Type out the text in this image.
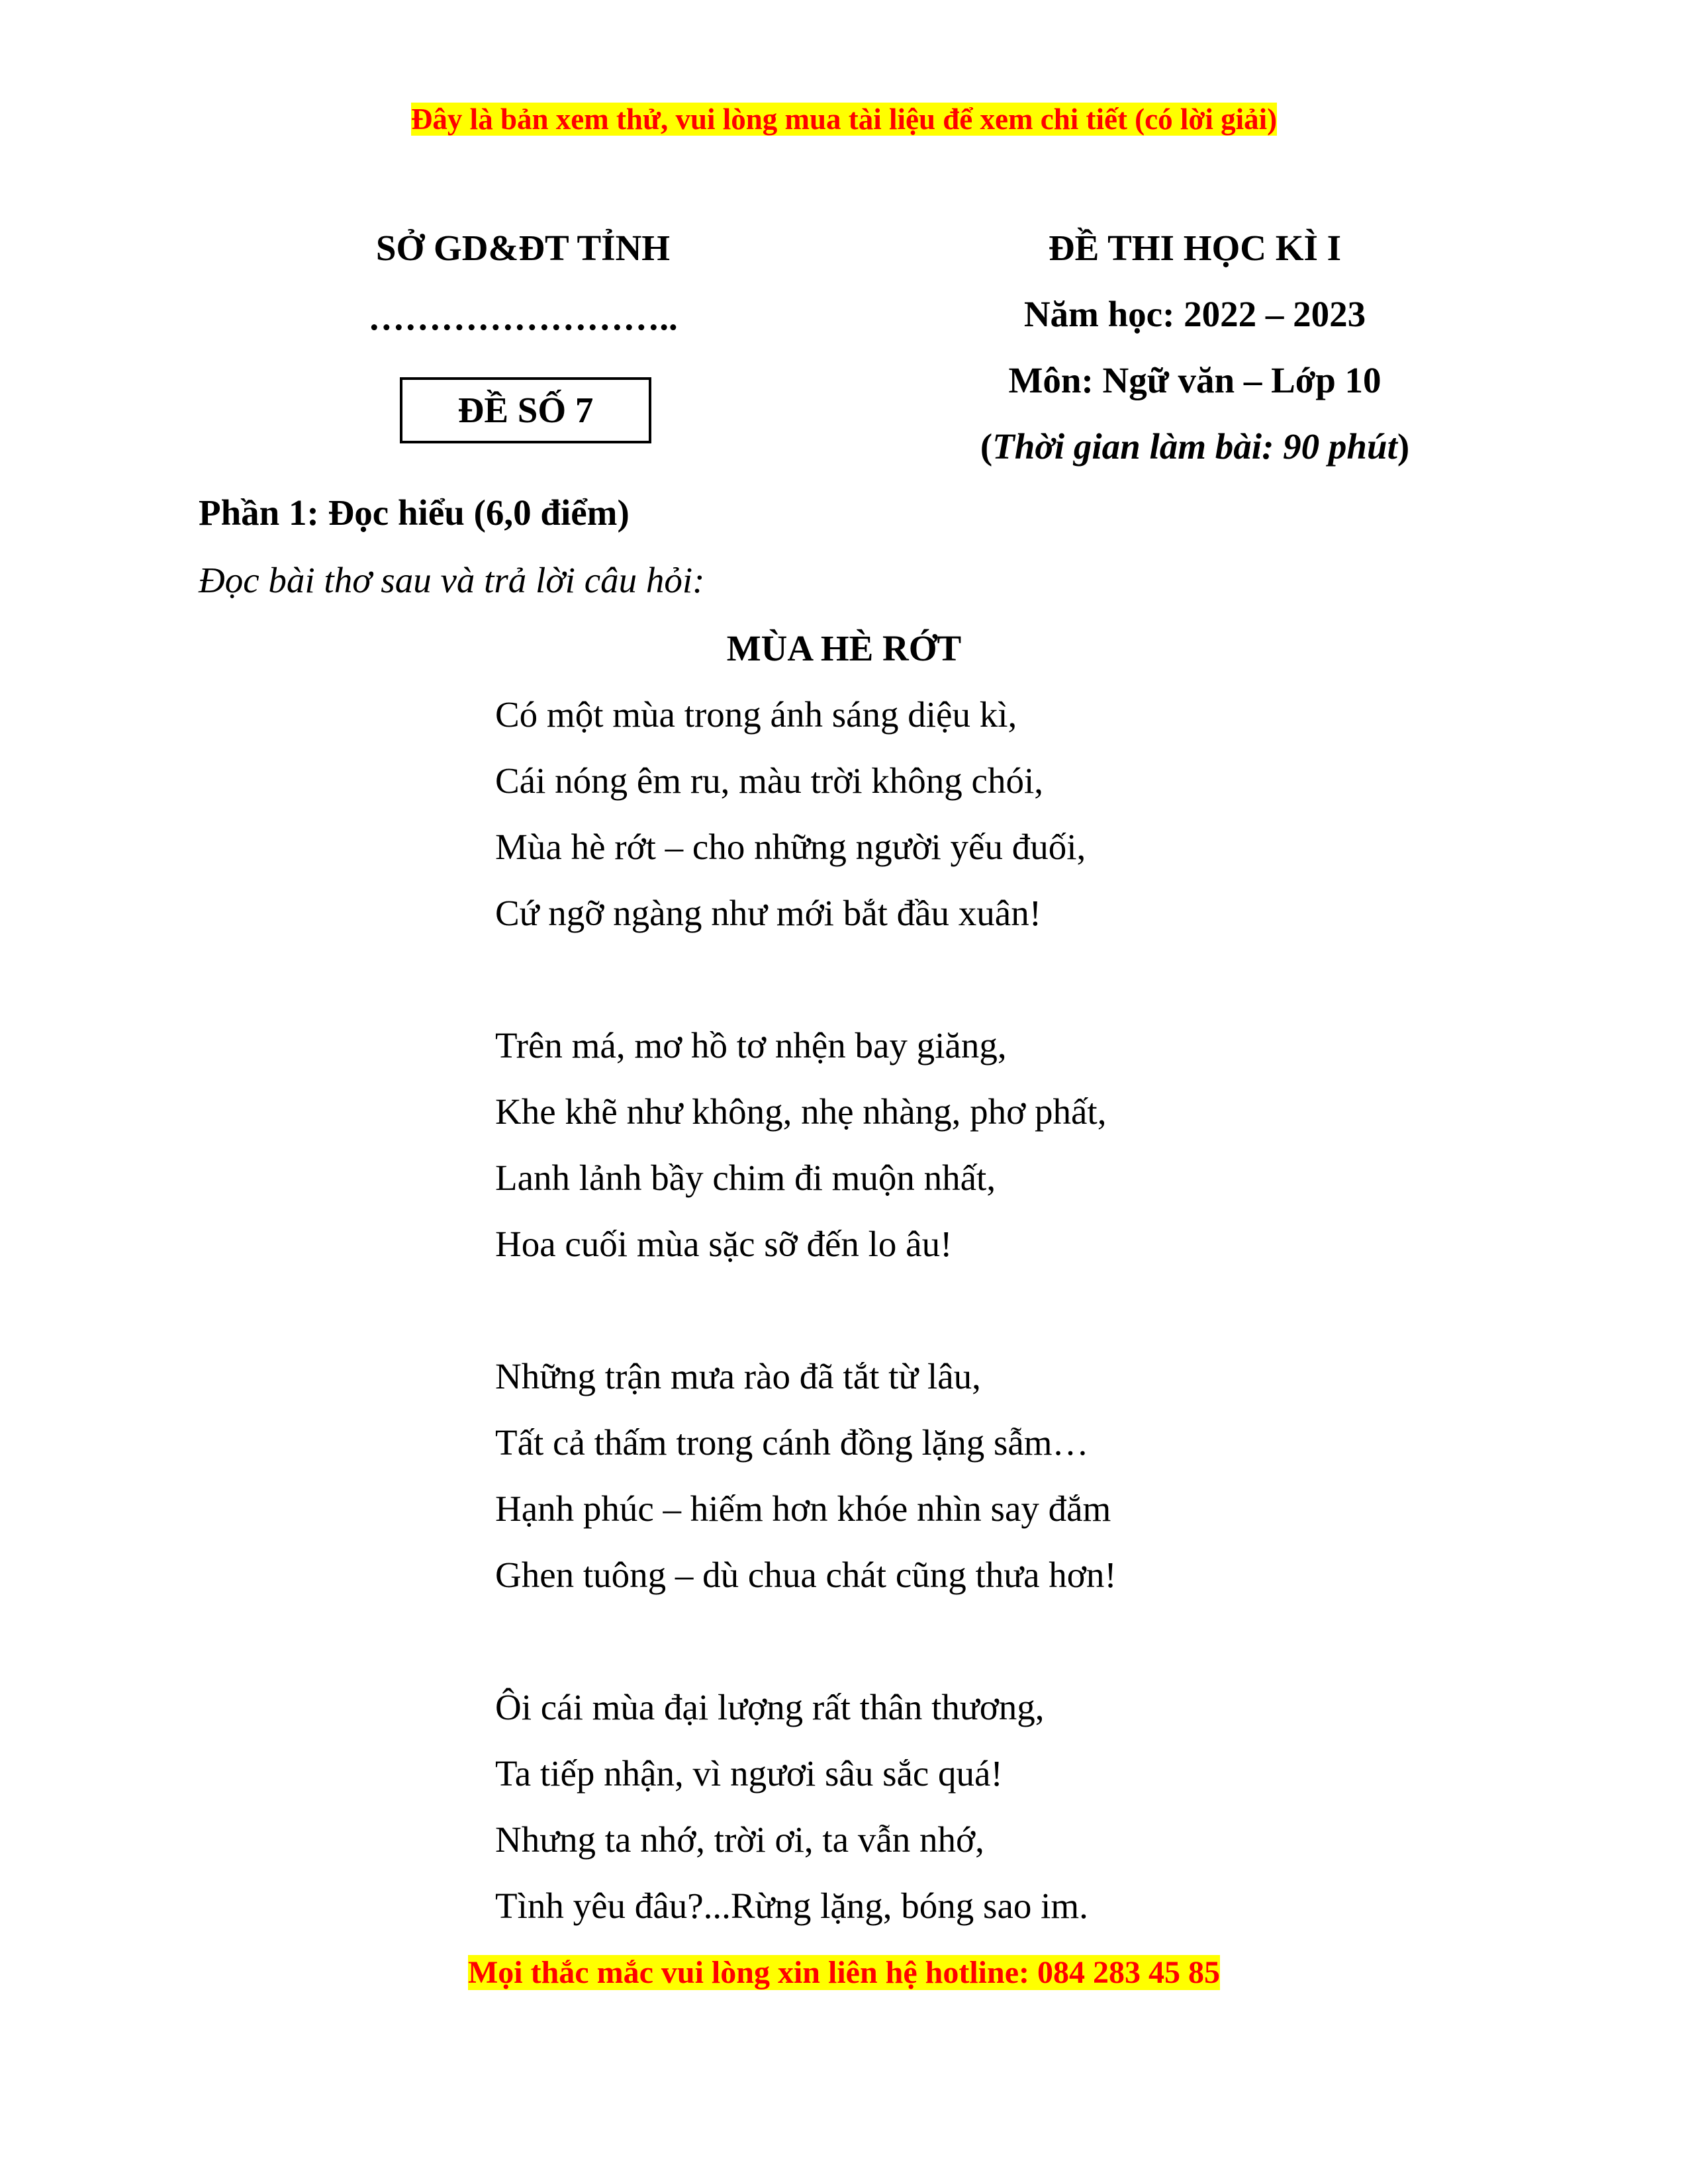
Đây là bản xem thử, vui lòng mua tài liệu để xem chi tiết (có lời giải)
SỞ GD&ĐT TỈNH
……………………..
ĐỀ SỐ 7
ĐỀ THI HỌC KÌ I
Năm học: 2022 – 2023
Môn: Ngữ văn – Lớp 10
(Thời gian làm bài: 90 phút)
Phần 1: Đọc hiểu (6,0 điểm)
Đọc bài thơ sau và trả lời câu hỏi:
MÙA HÈ RỚT
Có một mùa trong ánh sáng diệu kì,
Cái nóng êm ru, màu trời không chói,
Mùa hè rớt – cho những người yếu đuối,
Cứ ngỡ ngàng như mới bắt đầu xuân!
Trên má, mơ hồ tơ nhện bay giăng,
Khe khẽ như không, nhẹ nhàng, phơ phất,
Lanh lảnh bầy chim đi muộn nhất,
Hoa cuối mùa sặc sỡ đến lo âu!
Những trận mưa rào đã tắt từ lâu,
Tất cả thấm trong cánh đồng lặng sẫm…
Hạnh phúc – hiếm hơn khóe nhìn say đắm
Ghen tuông – dù chua chát cũng thưa hơn!
Ôi cái mùa đại lượng rất thân thương,
Ta tiếp nhận, vì ngươi sâu sắc quá!
Nhưng ta nhớ, trời ơi, ta vẫn nhớ,
Tình yêu đâu?...Rừng lặng, bóng sao im.
Mọi thắc mắc vui lòng xin liên hệ hotline: 084 283 45 85
